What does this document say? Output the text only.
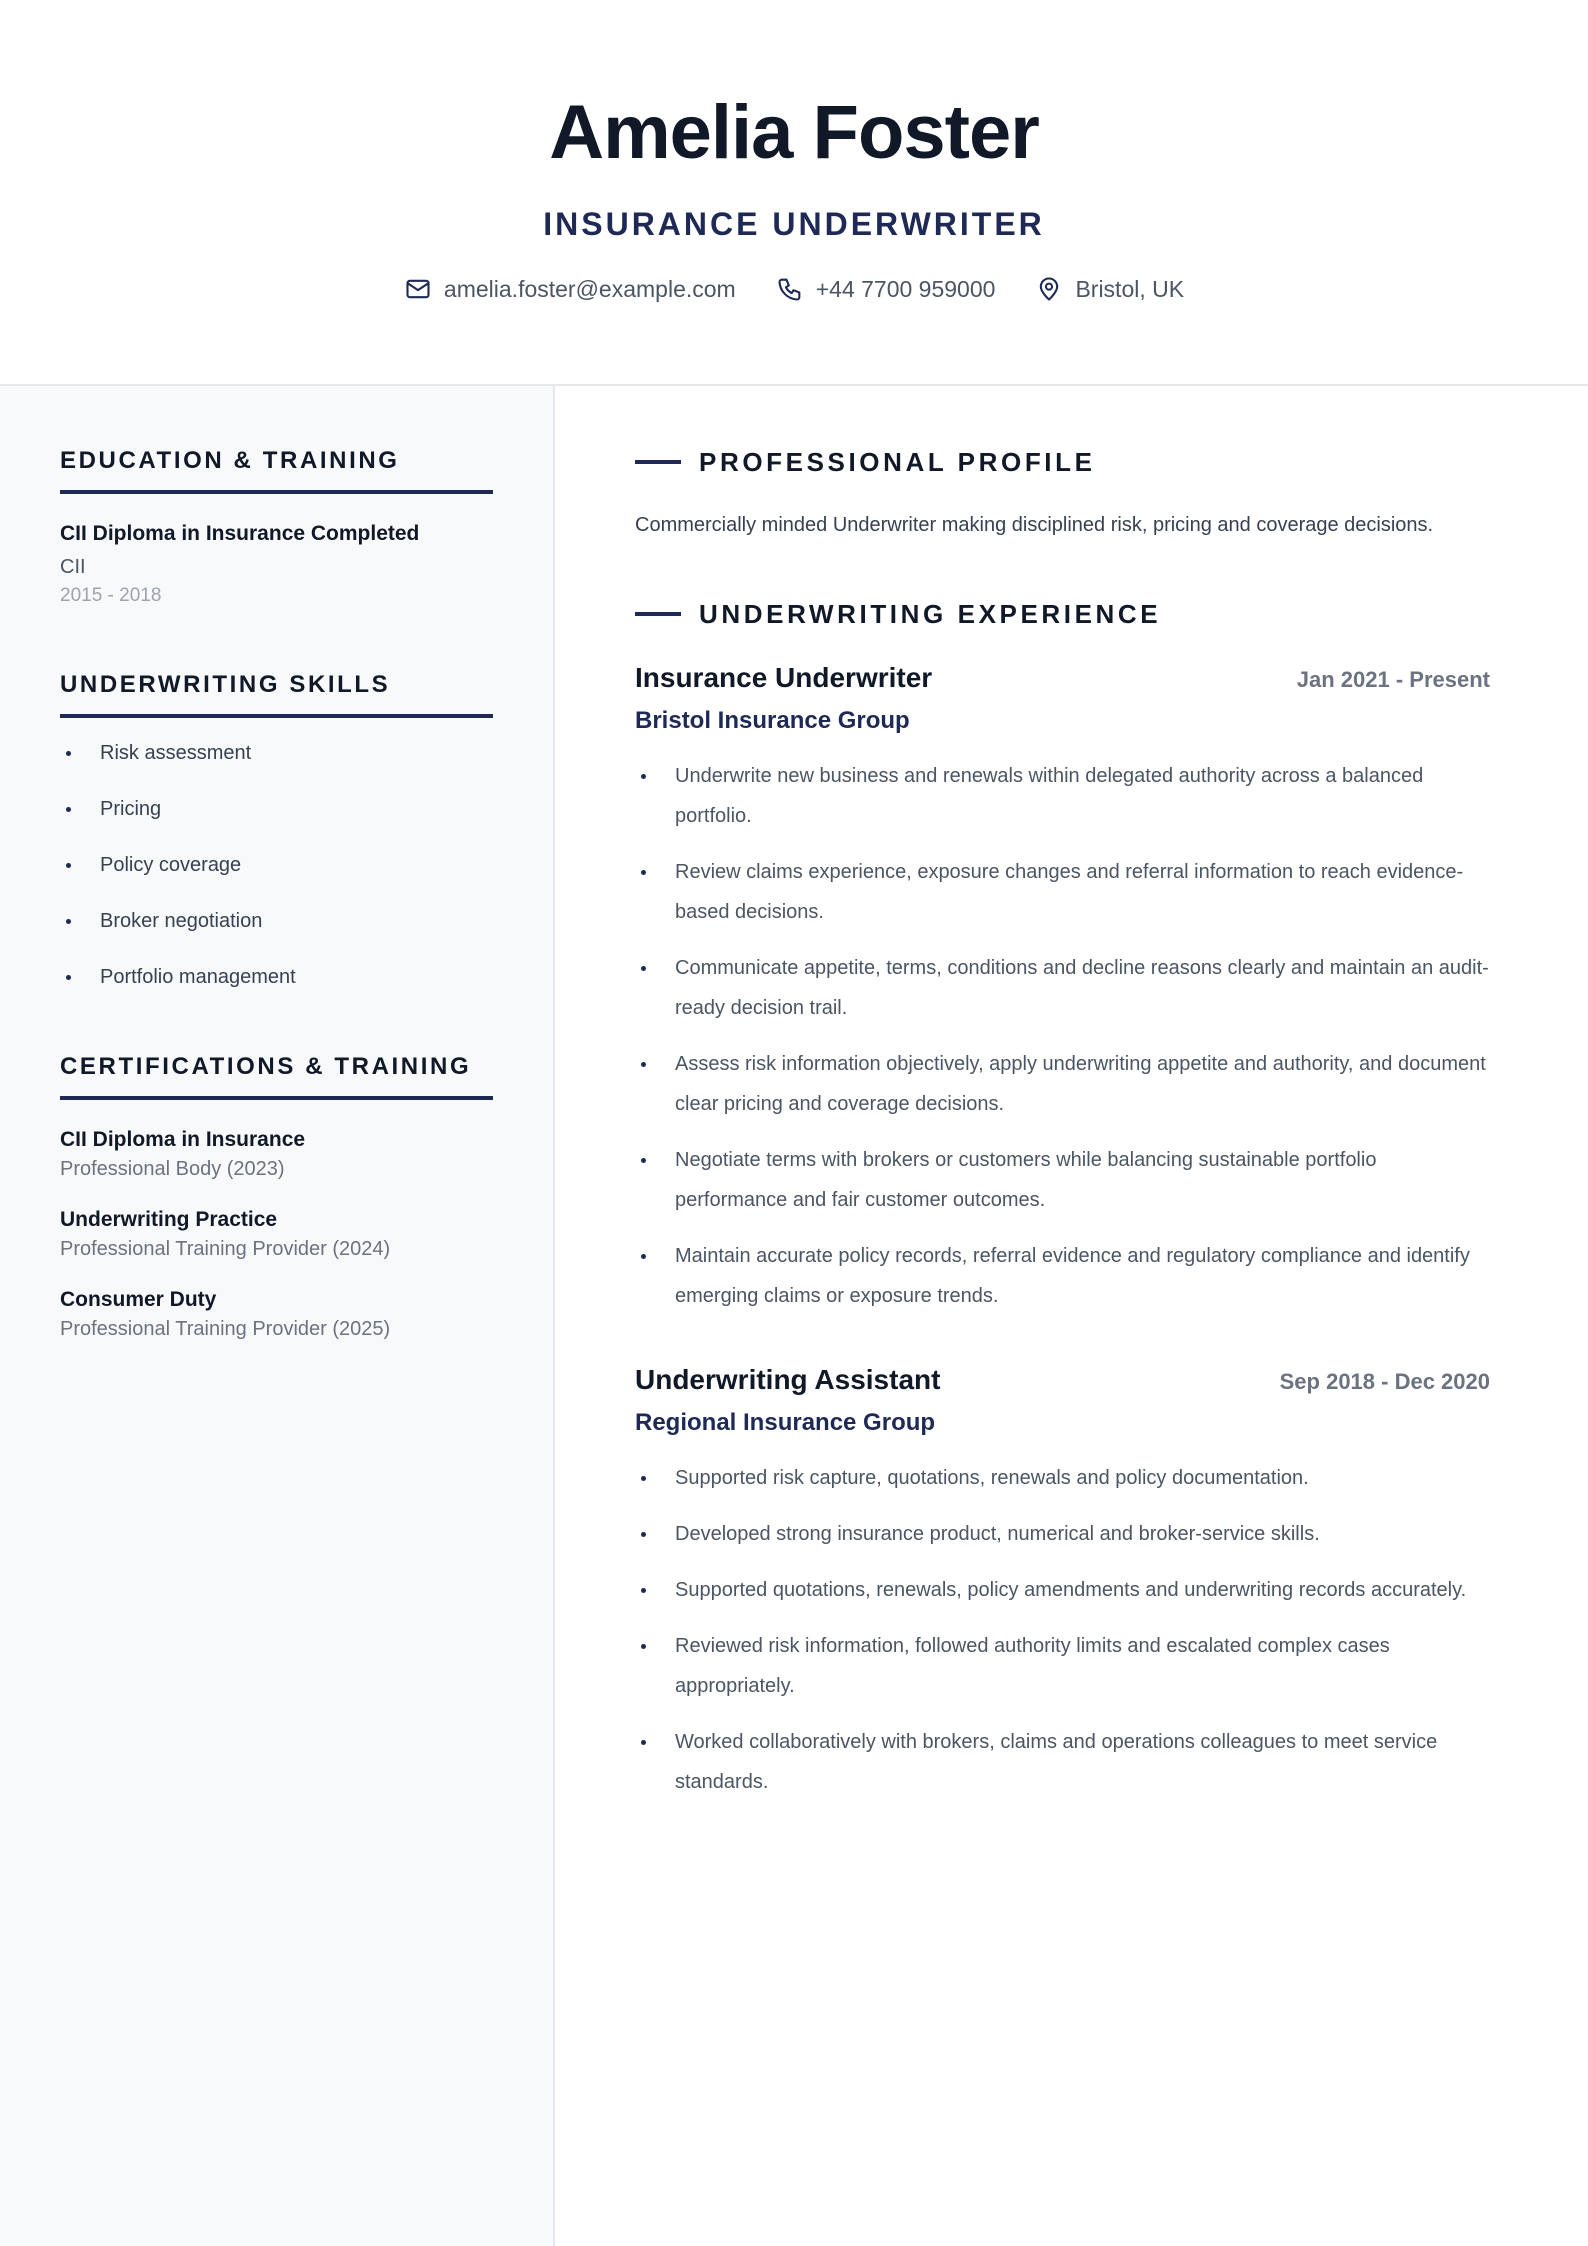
Amelia Foster
INSURANCE UNDERWRITER
amelia.foster@example.com	+44 7700 959000	Bristol, UK
EDUCATION & TRAINING
CII Diploma in Insurance Completed
CII
2015 - 2018
UNDERWRITING SKILLS
Risk assessment
Pricing
Policy coverage
Broker negotiation
Portfolio management
CERTIFICATIONS & TRAINING
CII Diploma in Insurance
Professional Body (2023)
Underwriting Practice
Professional Training Provider (2024)
Consumer Duty
Professional Training Provider (2025)
PROFESSIONAL PROFILE

Commercially minded Underwriter making disciplined risk, pricing and coverage decisions.

UNDERWRITING EXPERIENCE
Insurance Underwriter	Jan 2021 - Present
Bristol Insurance Group
Underwrite new business and renewals within delegated authority across a balanced portfolio.
Review claims experience, exposure changes and referral information to reach evidence-based decisions.
Communicate appetite, terms, conditions and decline reasons clearly and maintain an audit-ready decision trail.
Assess risk information objectively, apply underwriting appetite and authority, and document clear pricing and coverage decisions.
Negotiate terms with brokers or customers while balancing sustainable portfolio performance and fair customer outcomes.
Maintain accurate policy records, referral evidence and regulatory compliance and identify emerging claims or exposure trends.
Underwriting Assistant	Sep 2018 - Dec 2020
Regional Insurance Group
Supported risk capture, quotations, renewals and policy documentation.
Developed strong insurance product, numerical and broker-service skills.
Supported quotations, renewals, policy amendments and underwriting records accurately.
Reviewed risk information, followed authority limits and escalated complex cases appropriately.
Worked collaboratively with brokers, claims and operations colleagues to meet service standards.
